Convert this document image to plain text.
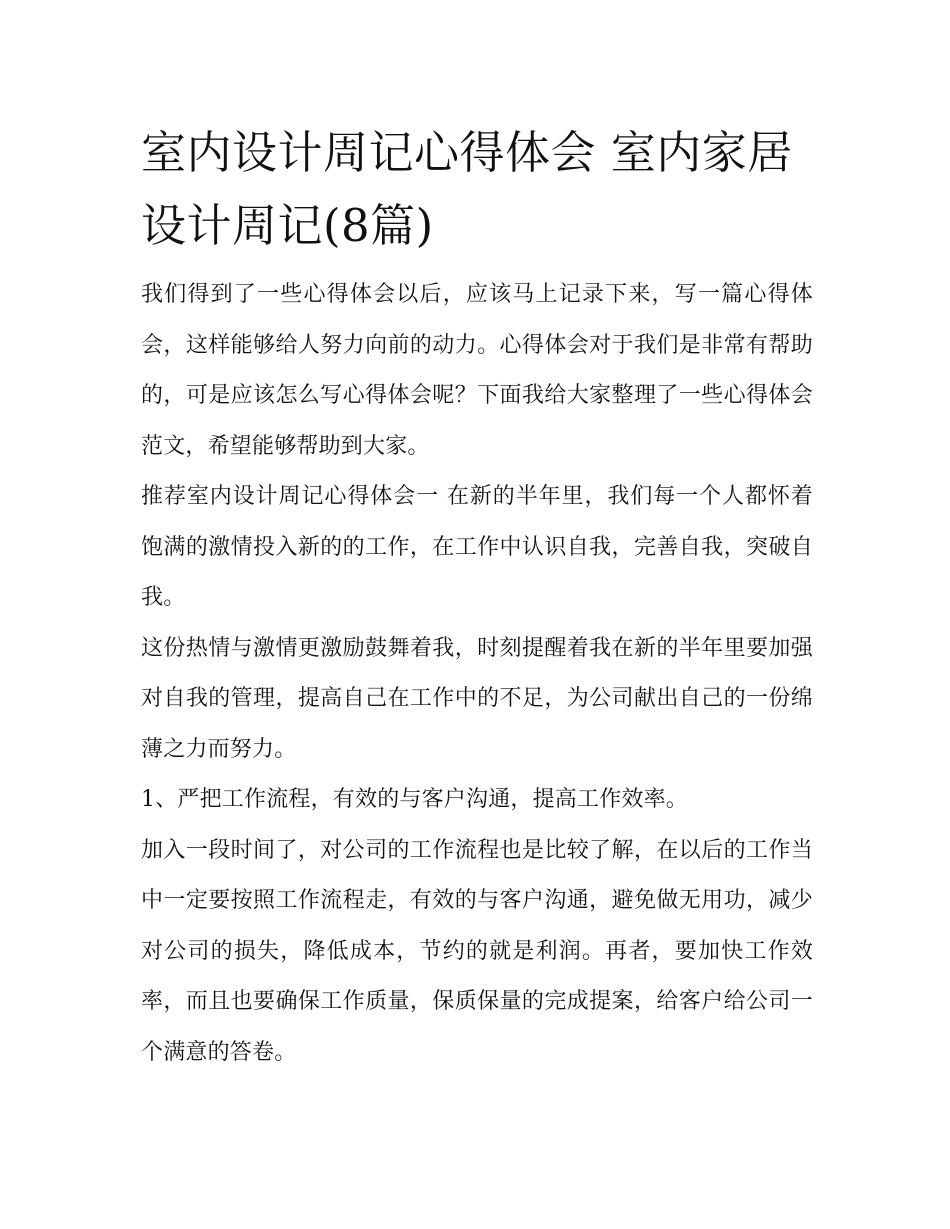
室内设计周记心得体会 室内家居设计周记(8篇)

我们得到了一些心得体会以后，应该马上记录下来，写一篇心得体会，这样能够给人努力向前的动力。心得体会对于我们是非常有帮助的，可是应该怎么写心得体会呢？下面我给大家整理了一些心得体会范文，希望能够帮助到大家。

推荐室内设计周记心得体会一 在新的半年里，我们每一个人都怀着饱满的激情投入新的的工作，在工作中认识自我，完善自我，突破自我。

这份热情与激情更激励鼓舞着我，时刻提醒着我在新的半年里要加强对自我的管理，提高自己在工作中的不足，为公司献出自己的一份绵薄之力而努力。

1、严把工作流程，有效的与客户沟通，提高工作效率。

加入一段时间了，对公司的工作流程也是比较了解，在以后的工作当中一定要按照工作流程走，有效的与客户沟通，避免做无用功，减少对公司的损失，降低成本，节约的就是利润。再者，要加快工作效率，而且也要确保工作质量，保质保量的完成提案，给客户给公司一个满意的答卷。
